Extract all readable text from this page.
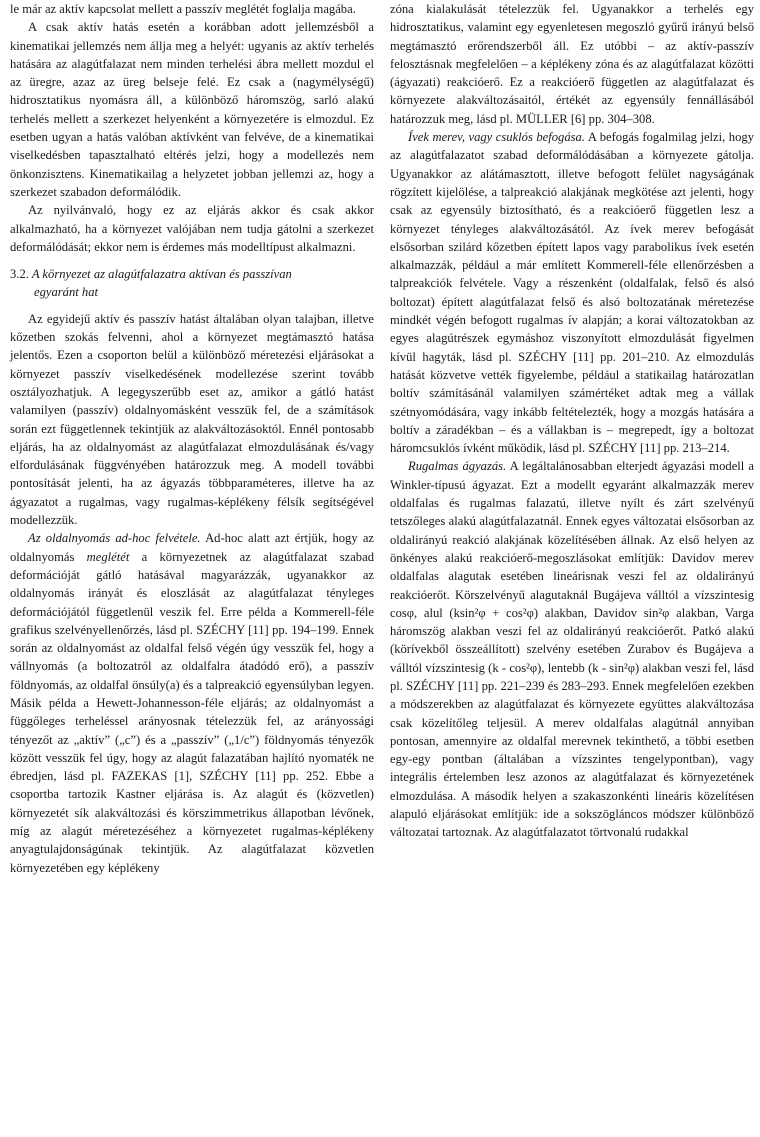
le már az aktív kapcsolat mellett a passzív meglétét foglalja magába.

A csak aktív hatás esetén a korábban adott jellemzésből a kinematikai jellemzés nem állja meg a helyét: ugyanis az aktív terhelés hatására az alagútfalazat nem minden terhelési ábra mellett mozdul el az üregre, azaz az üreg belseje felé. Ez csak a (nagymélységű) hidrosztatikus nyomásra áll, a különböző háromszög, sarló alakú terhelés mellett a szerkezet helyenként a környezetére is elmozdul. Ez esetben ugyan a hatás valóban aktívként van felvéve, de a kinematikai viselkedésben tapasztalható eltérés jelzi, hogy a modellezés nem önkonzisztens. Kinematikailag a helyzetet jobban jellemzi az, hogy a szerkezet szabadon deformálódik.

Az nyilvánvaló, hogy ez az eljárás akkor és csak akkor alkalmazható, ha a környezet valójában nem tudja gátolni a szerkezet deformálódását; ekkor nem is érdemes más modelltípust alkalmazni.

3.2. A környezet az alagútfalazatra aktívan és passzívan
egyaránt hat

Az egyidejű aktív és passzív hatást általában olyan talajban, illetve kőzetben szokás felvenni, ahol a környezet megtámasztó hatása jelentős. Ezen a csoporton belül a különböző méretezési eljárásokat a környezet passzív viselkedésének modellezése szerint tovább osztályozhatjuk. A legegyszerűbb eset az, amikor a gátló hatást valamilyen (passzív) oldalnyomásként vesszük fel, de a számítások során ezt függetlennek tekintjük az alakváltozásoktól. Ennél pontosabb eljárás, ha az oldalnyomást az alagútfalazat elmozdulásának és/vagy elfordulásának függvényében határozzuk meg. A modell további pontosítását jelenti, ha az ágyazás többparaméteres, illetve ha az ágyazatot a rugalmas, vagy rugalmas-képlékeny félsík segítségével modellezzük.

Az oldalnyomás ad-hoc felvétele. Ad-hoc alatt azt értjük, hogy az oldalnyomás meglétét a környezetnek az alagútfalazat szabad deformációját gátló hatásával magyarázzák, ugyanakkor az oldalnyomás irányát és eloszlását az alagútfalazat tényleges deformációjától függetlenül veszik fel. Erre példa a Kommerell-féle grafikus szelvényellenőrzés, lásd pl. SZÉCHY [11] pp. 194–199. Ennek során az oldalnyomást az oldalfal felső végén úgy vesszük fel, hogy a vállnyomás (a boltozatról az oldalfalra átadódó erő), a passzív földnyomás, az oldalfal önsúly(a) és a talpreakció egyensúlyban legyen. Másik példa a Hewett-Johannesson-féle eljárás; az oldalnyomást a függőleges terheléssel arányosnak tételezzük fel, az arányossági tényezőt az „aktív” („c”) és a „passzív” („1/c”) földnyomás tényezők között vesszük fel úgy, hogy az alagút falazatában hajlító nyomaték ne ébredjen, lásd pl. FAZEKAS [1], SZÉCHY [11] pp. 252. Ebbe a csoportba tartozik Kastner eljárása is. Az alagút és (közvetlen) környezetét sík alakváltozási és körszimmetrikus állapotban lévőnek, míg az alagút méretezéséhez a környezetet rugalmas-képlékeny anyagtulajdonságúnak tekintjük. Az alagútfalazat közvetlen környezetében egy képlékeny

zóna kialakulását tételezzük fel. Ugyanakkor a terhelés egy hidrosztatikus, valamint egy egyenletesen megoszló gyűrű irányú belső megtámasztó erőrendszerből áll. Ez utóbbi – az aktív-passzív felosztásnak megfelelően – a képlékeny zóna és az alagútfalazat közötti (ágyazati) reakcióerő. Ez a reakcióerő független az alagútfalazat és környezete alakváltozásaitól, értékét az egyensúly fennállásából határozzuk meg, lásd pl. MÜLLER [6] pp. 304–308.

Ívek merev, vagy csuklós befogása. A befogás fogalmilag jelzi, hogy az alagútfalazatot szabad deformálódásában a környezete gátolja. Ugyanakkor az alátámasztott, illetve befogott felület nagyságának rögzített kijelölése, a talpreakció alakjának megkötése azt jelenti, hogy csak az egyensúly biztosítható, és a reakcióerő független lesz a környezet tényleges alakváltozásától. Az ívek merev befogását elsősorban szilárd kőzetben épített lapos vagy parabolikus ívek esetén alkalmazzák, például a már említett Kommerell-féle ellenőrzésben a talpreakciók felvétele. Vagy a részenként (oldalfalak, felső és alsó boltozat) épített alagútfalazat felső és alsó boltozatának méretezése mindkét végén befogott rugalmas ív alapján; a korai változatokban az egyes alagútrészek egymáshoz viszonyított elmozdulását figyelmen kívül hagyták, lásd pl. SZÉCHY [11] pp. 201–210. Az elmozdulás hatását közvetve vették figyelembe, például a statikailag határozatlan boltív számításánál valamilyen számértéket adtak meg a vállak szétnyomódására, vagy inkább feltételezték, hogy a mozgás hatására a boltív a záradékban – és a vállakban is – megrepedt, így a boltozat háromcsuklós ívként működik, lásd pl. SZÉCHY [11] pp. 213–214.

Rugalmas ágyazás. A legáltalánosabban elterjedt ágyazási modell a Winkler-típusú ágyazat. Ezt a modellt egyaránt alkalmazzák merev oldalfalas és rugalmas falazatú, illetve nyílt és zárt szelvényű tetszőleges alakú alagútfalazatnál. Ennek egyes változatai elsősorban az oldalirányú reakció alakjának közelítésében állnak. Az első helyen az önkényes alakú reakcióerő-megoszlásokat említjük: Davidov merev oldalfalas alagutak esetében lineárisnak veszi fel az oldalirányú reakcióerőt. Körszelvényű alagutaknál Bugájeva válltól a vízszintesig cosφ, alul (ksin²φ + cos²φ) alakban, Davidov sin²φ alakban, Varga háromszög alakban veszi fel az oldalirányú reakcióerőt. Patkó alakú (körívekből összeállított) szelvény esetében Zurabov és Bugájeva a válltól vízszintesig (k - cos²φ), lentebb (k - sin²φ) alakban veszi fel, lásd pl. SZÉCHY [11] pp. 221–239 és 283–293. Ennek megfelelően ezekben a módszerekben az alagútfalazat és környezete együttes alakváltozása csak közelítőleg teljesül. A merev oldalfalas alagútnál annyiban pontosan, amennyire az oldalfal merevnek tekinthető, a többi esetben egy-egy pontban (általában a vízszintes tengelypontban), vagy integrális értelemben lesz azonos az alagútfalazat és környezetének elmozdulása. A második helyen a szakaszonkénti lineáris közelítésen alapuló eljárásokat említjük: ide a sokszögláncos módszer különböző változatai tartoznak. Az alagútfalazatot törtvonalú rudakkal
